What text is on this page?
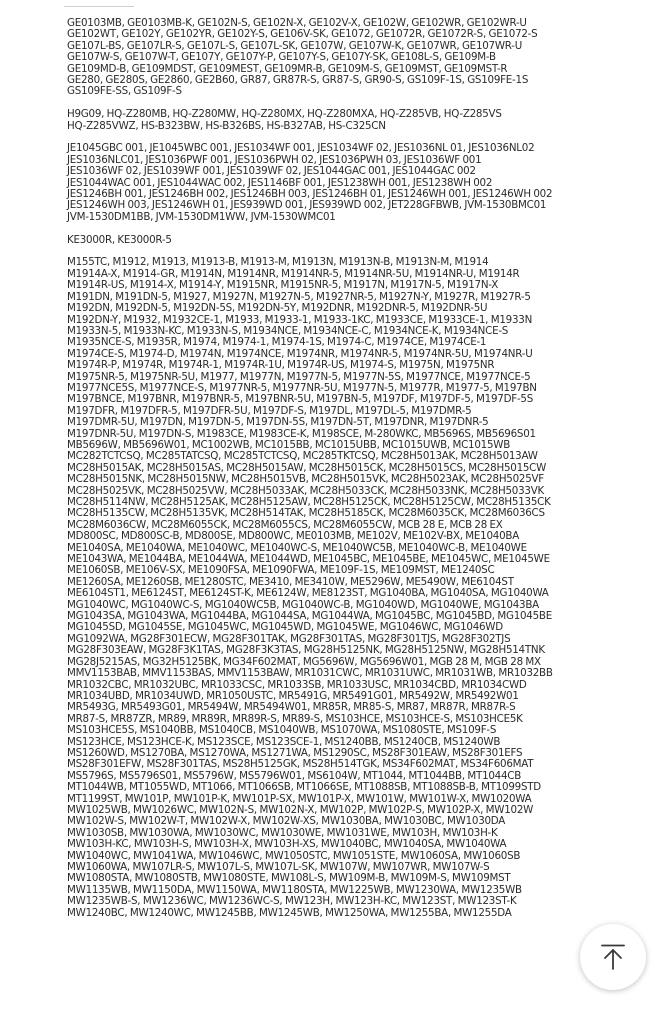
GE0103MB, GE0103MB-K, GE102N-S, GE102N-X, GE102V-X, GE102W, GE102WR, GE102WR-U
GE102WT, GE102Y, GE102YR, GE102Y-S, GE106V-SK, GE1072, GE1072R, GE1072R-S, GE1072-S
GE107L-BS, GE107LR-S, GE107L-S, GE107L-SK, GE107W, GE107W-K, GE107WR, GE107WR-U
GE107W-S, GE107W-T, GE107Y, GE107Y-P, GE107Y-S, GE107Y-SK, GE108L-S, GE109M-B
GE109MD-B, GE109MDST, GE109MEST, GE109MR-B, GE109M-S, GE109MST, GE109MST-R
GE280, GE280S, GE2860, GE2B60, GR87, GR87R-S, GR87-S, GR90-S, GS109F-1S, GS109FE-1S
GS109FE-SS, GS109F-S

H9G09, HQ-Z280MB, HQ-Z280MW, HQ-Z280MX, HQ-Z280MXA, HQ-Z285VB, HQ-Z285VS
HQ-Z285VWZ, HS-B323BW, HS-B326BS, HS-B327AB, HS-C325CN

JE1045GBC 001, JE1045WBC 001, JES1034WF 001, JES1034WF 02, JES1036NL 01, JES1036NL02
JES1036NLC01, JES1036PWF 001, JES1036PWH 02, JES1036PWH 03, JES1036WF 001
JES1036WF 02, JES1039WF 001, JES1039WF 02, JES1044GAC 001, JES1044GAC 002
JES1044WAC 001, JES1044WAC 002, JES1146BF 001, JES1238WH 001, JES1238WH 002
JES1246BH 001, JES1246BH 002, JES1246BH 003, JES1246BH 01, JES1246WH 001, JES1246WH 002
JES1246WH 003, JES1246WH 01, JES939WD 001, JES939WD 002, JET228GFBWB, JVM-1530BMC01
JVM-1530DM1BB, JVM-1530DM1WW, JVM-1530WMC01

KE3000R, KE3000R-5

M155TC, M1912, M1913, M1913-B, M1913-M, M1913N, M1913N-B, M1913N-M, M1914
M1914A-X, M1914-GR, M1914N, M1914NR, M1914NR-5, M1914NR-5U, M1914NR-U, M1914R
M1914R-US, M1914-X, M1914-Y, M1915NR, M1915NR-5, M1917N, M1917N-5, M1917N-X
M191DN, M191DN-5, M1927, M1927N, M1927N-5, M1927NR-5, M1927N-Y, M1927R, M1927R-5
M192DN, M192DN-5, M192DN-5S, M192DN-5Y, M192DNR, M192DNR-5, M192DNR-5U
M192DN-Y, M1932, M1932CE-1, M1933, M1933-1, M1933-1KC, M1933CE, M1933CE-1, M1933N
M1933N-5, M1933N-KC, M1933N-S, M1934NCE, M1934NCE-C, M1934NCE-K, M1934NCE-S
M1935NCE-S, M1935R, M1974, M1974-1, M1974-1S, M1974-C, M1974CE, M1974CE-1
M1974CE-S, M1974-D, M1974N, M1974NCE, M1974NR, M1974NR-5, M1974NR-5U, M1974NR-U
M1974R-P, M1974R, M1974R-1, M1974R-1U, M1974R-US, M1974-S, M1975N, M1975NR
M1975NR-5, M1975NR-5U, M1977, M1977N, M1977N-5, M1977N-5S, M1977NCE, M1977NCE-5
M1977NCE5S, M1977NCE-S, M1977NR-5, M1977NR-5U, M1977N-5, M1977R, M1977-5, M197BN
M197BNCE, M197BNR, M197BNR-5, M197BNR-5U, M197BN-5, M197DF, M197DF-5, M197DF-5S
M197DFR, M197DFR-5, M197DFR-5U, M197DF-S, M197DL, M197DL-5, M197DMR-5
M197DMR-5U, M197DN, M197DN-5, M197DN-5S, M197DN-5T, M197DNR, M197DNR-5
M197DNR-5U, M197DN-S, M1983CE, M1983CE-K, M198SCE, M-280WKC, MB5696S, MB5696S01
MB5696W, MB5696W01, MC1002WB, MC1015BB, MC1015UBB, MC1015UWB, MC1015WB
MC282TCTCSQ, MC285TATCSQ, MC285TCTCSQ, MC285TKTCSQ, MC28H5013AK, MC28H5013AW
MC28H5015AK, MC28H5015AS, MC28H5015AW, MC28H5015CK, MC28H5015CS, MC28H5015CW
MC28H5015NK, MC28H5015NW, MC28H5015VB, MC28H5015VK, MC28H5023AK, MC28H5025VF
MC28H5025VK, MC28H5025VW, MC28H5033AK, MC28H5033CK, MC28H5033NK, MC28H5033VK
MC28H5114NW, MC28H5125AK, MC28H5125AW, MC28H5125CK, MC28H5125CW, MC28H5135CK
MC28H5135CW, MC28H5135VK, MC28H514TAK, MC28H5185CK, MC28M6035CK, MC28M6036CS
MC28M6036CW, MC28M6055CK, MC28M6055CS, MC28M6055CW, MCB 28 E, MCB 28 EX
MD800SC, MD800SC-B, MD800SE, MD800WC, ME0103MB, ME102V, ME102V-BX, ME1040BA
ME1040SA, ME1040WA, ME1040WC, ME1040WC-S, ME1040WC5B, ME1040WC-B, ME1040WE
ME1043WA, ME1044BA, ME1044WA, ME1044WD, ME1045BC, ME1045BE, ME1045WC, ME1045WE
ME1060SB, ME106V-SX, ME1090FSA, ME1090FWA, ME109F-1S, ME109MST, ME1240SC
ME1260SA, ME1260SB, ME1280STC, ME3410, ME3410W, ME5296W, ME5490W, ME6104ST
ME6104ST1, ME6124ST, ME6124ST-K, ME6124W, ME8123ST, MG1040BA, MG1040SA, MG1040WA
MG1040WC, MG1040WC-S, MG1040WC5B, MG1040WC-B, MG1040WD, MG1040WE, MG1043BA
MG1043SA, MG1043WA, MG1044BA, MG1044SA, MG1044WA, MG1045BC, MG1045BD, MG1045BE
MG1045SD, MG1045SE, MG1045WC, MG1045WD, MG1045WE, MG1046WC, MG1046WD
MG1092WA, MG28F301ECW, MG28F301TAK, MG28F301TAS, MG28F301TJS, MG28F302TJS
MG28F303EAW, MG28F3K1TAS, MG28F3K3TAS, MG28H5125NK, MG28H5125NW, MG28H514TNK
MG28J5215AS, MG32H5125BK, MG34F602MAT, MG5696W, MG5696W01, MGB 28 M, MGB 28 MX
MMV1153BAB, MMV1153BAS, MMV1153BAW, MR1031CWC, MR1031UWC, MR1031WB, MR1032BB
MR1032CBC, MR1032UBC, MR1033CSC, MR1033SB, MR1033USC, MR1034CBD, MR1034CWD
MR1034UBD, MR1034UWD, MR1050USTC, MR5491G, MR5491G01, MR5492W, MR5492W01
MR5493G, MR5493G01, MR5494W, MR5494W01, MR85R, MR85-S, MR87, MR87R, MR87R-S
MR87-S, MR87ZR, MR89, MR89R, MR89R-S, MR89-S, MS103HCE, MS103HCE-S, MS103HCE5K
MS103HCE5S, MS1040BB, MS1040CB, MS1040WB, MS1070WA, MS1080STE, MS109F-S
MS123HCE, MS123HCE-K, MS123SCE, MS123SCE-1, MS1240BB, MS1240CB, MS1240WB
MS1260WD, MS1270BA, MS1270WA, MS1271WA, MS1290SC, MS28F301EAW, MS28F301EFS
MS28F301EFW, MS28F301TAS, MS28H5125GK, MS28H514TGK, MS34F602MAT, MS34F606MAT
MS5796S, MS5796S01, MS5796W, MS5796W01, MS6104W, MT1044, MT1044BB, MT1044CB
MT1044WB, MT1055WD, MT1066, MT1066SB, MT1066SE, MT1088SB, MT1088SB-B, MT1099STD
MT1199ST, MW101P, MW101P-K, MW101P-SX, MW101P-X, MW101W, MW101W-X, MW1020WA
MW1025WB, MW1026WC, MW102N-S, MW102N-X, MW102P, MW102P-S, MW102P-X, MW102W
MW102W-S, MW102W-T, MW102W-X, MW102W-XS, MW1030BA, MW1030BC, MW1030DA
MW1030SB, MW1030WA, MW1030WC, MW1030WE, MW1031WE, MW103H, MW103H-K
MW103H-KC, MW103H-S, MW103H-X, MW103H-XS, MW1040BC, MW1040SA, MW1040WA
MW1040WC, MW1041WA, MW1046WC, MW1050STC, MW1051STE, MW1060SA, MW1060SB
MW1060WA, MW107LR-S, MW107L-S, MW107L-SK, MW107W, MW107WR, MW107W-S
MW1080STA, MW1080STB, MW1080STE, MW108L-S, MW109M-B, MW109M-S, MW109MST
MW1135WB, MW1150DA, MW1150WA, MW1180STA, MW1225WB, MW1230WA, MW1235WB
MW1235WB-S, MW1236WC, MW1236WC-S, MW123H, MW123H-KC, MW123ST, MW123ST-K
MW1240BC, MW1240WC, MW1245BB, MW1245WB, MW1250WA, MW1255BA, MW1255DA
